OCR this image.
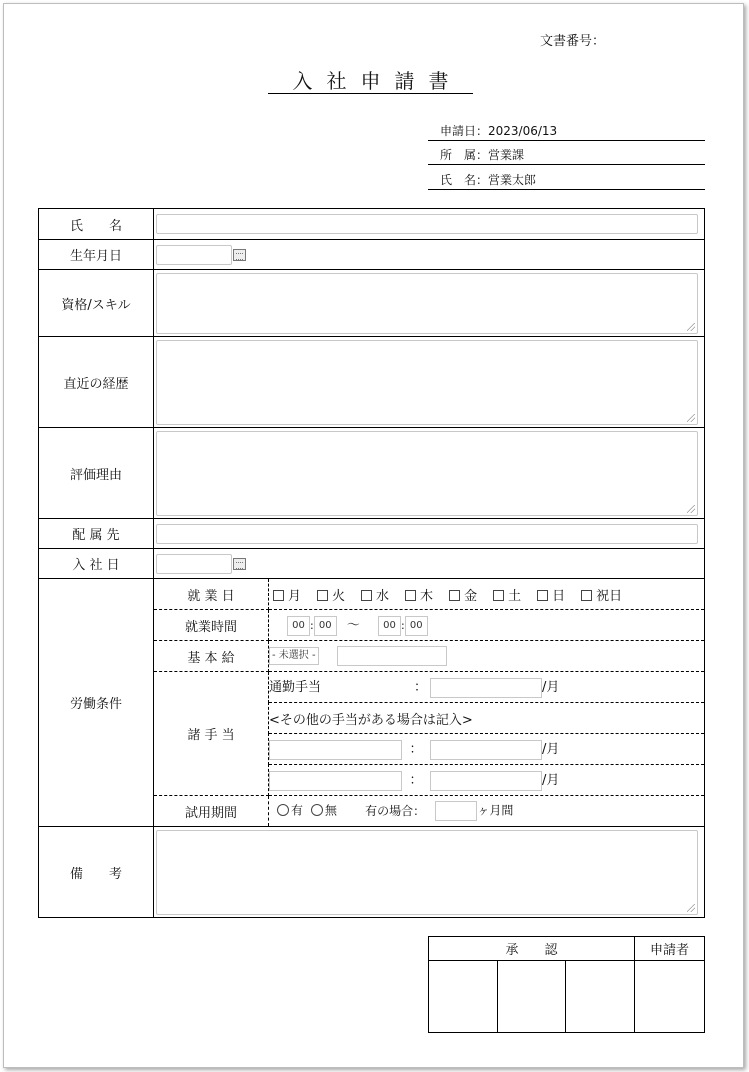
文書番号：
入社申請書
申請日：2023/06/13
所　属：営業課
氏　名：営業太郎
氏　　名	

生年月日	

資格/スキル	

直近の経歴	

評価理由	

配 属 先	

入 社 日	

労働条件	
就 業 日	月 火 水 木 金 土 日 祝日
就業時間	00 : 00 ～ 00 : 00
基 本 給	- 未選択 -
諸 手 当	通勤手当	：	/月
<その他の手当がある場合は記入>
：	/月
：	/月
試用期間	有 無 有の場合：	ヶ月間

備　　考	
承　　認			申請者
